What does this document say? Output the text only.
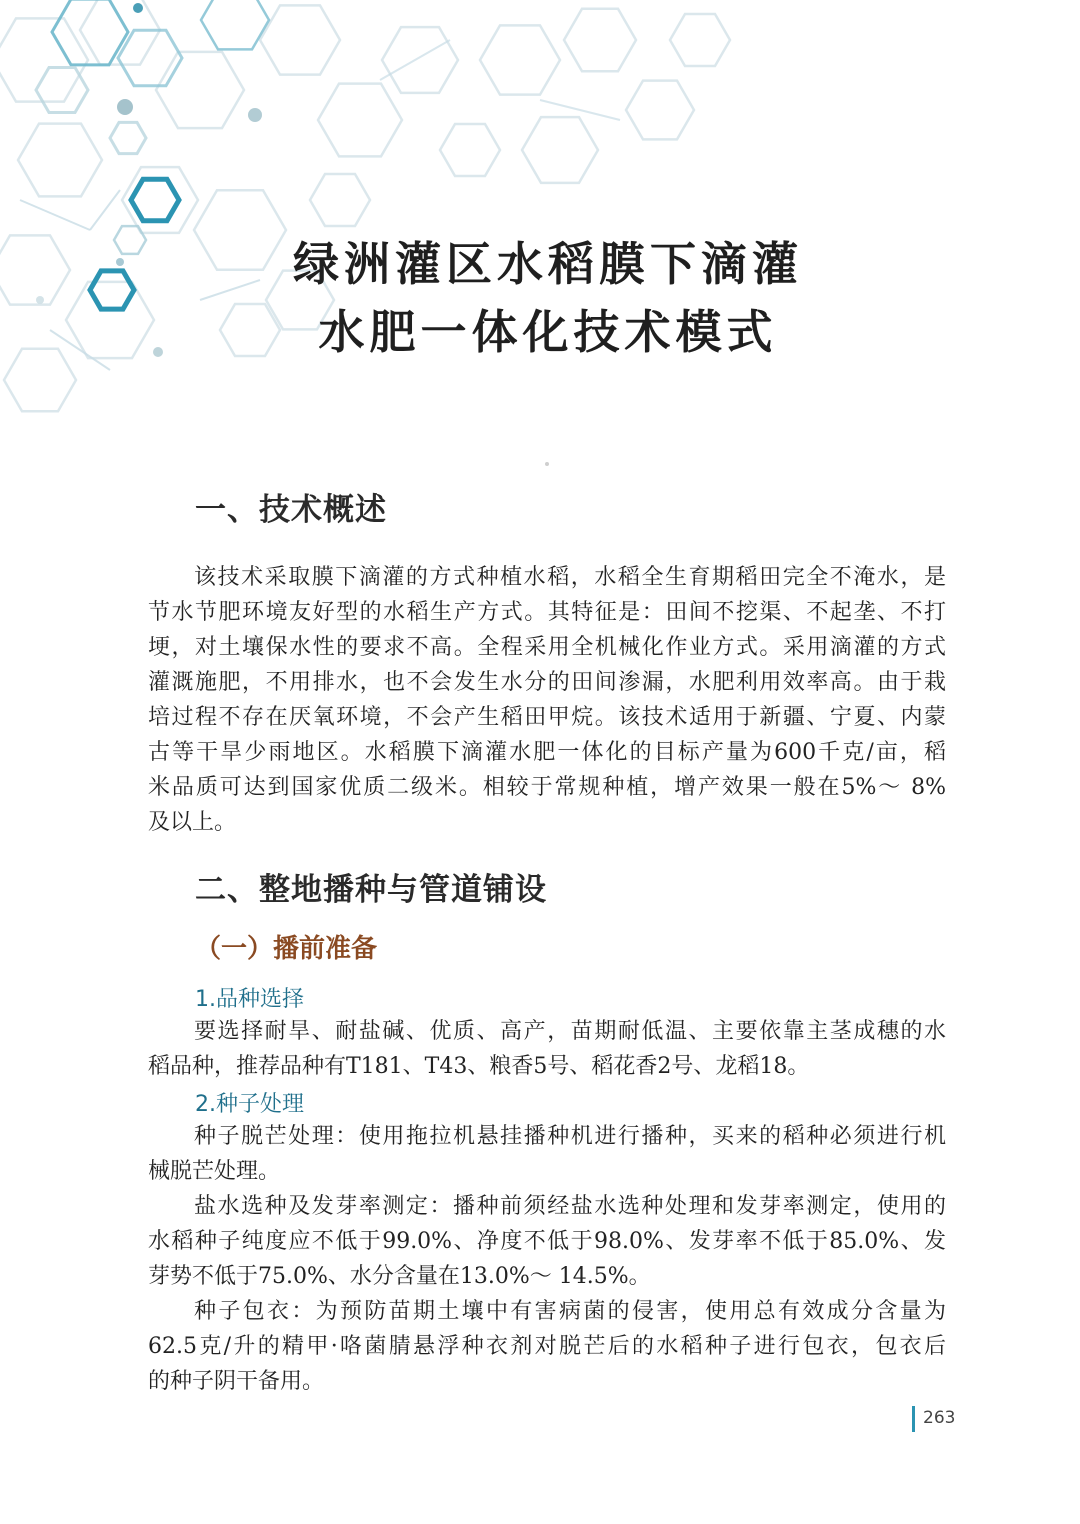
绿洲灌区水稻膜下滴灌
水肥一体化技术模式
一、技术概述
该技术采取膜下滴灌的方式种植水稻，水稻全生育期稻田完全不淹水，是
节水节肥环境友好型的水稻生产方式。其特征是：田间不挖渠、不起垄、不打
埂，对土壤保水性的要求不高。全程采用全机械化作业方式。采用滴灌的方式
灌溉施肥，不用排水，也不会发生水分的田间渗漏，水肥利用效率高。由于栽
培过程不存在厌氧环境，不会产生稻田甲烷。该技术适用于新疆、宁夏、内蒙
古等干旱少雨地区。水稻膜下滴灌水肥一体化的目标产量为600千克/亩，稻
米品质可达到国家优质二级米。相较于常规种植，增产效果一般在5%～ 8%
及以上。
二、整地播种与管道铺设
（一）播前准备
1.品种选择
要选择耐旱、耐盐碱、优质、高产，苗期耐低温、主要依靠主茎成穗的水
稻品种，推荐品种有T181、T43、粮香5号、稻花香2号、龙稻18。
2.种子处理
种子脱芒处理：使用拖拉机悬挂播种机进行播种，买来的稻种必须进行机
械脱芒处理。
盐水选种及发芽率测定：播种前须经盐水选种处理和发芽率测定，使用的
水稻种子纯度应不低于99.0%、净度不低于98.0%、发芽率不低于85.0%、发
芽势不低于75.0%、水分含量在13.0%～ 14.5%。
种子包衣：为预防苗期土壤中有害病菌的侵害，使用总有效成分含量为
62.5克/升的精甲·咯菌腈悬浮种衣剂对脱芒后的水稻种子进行包衣，包衣后
的种子阴干备用。
263
